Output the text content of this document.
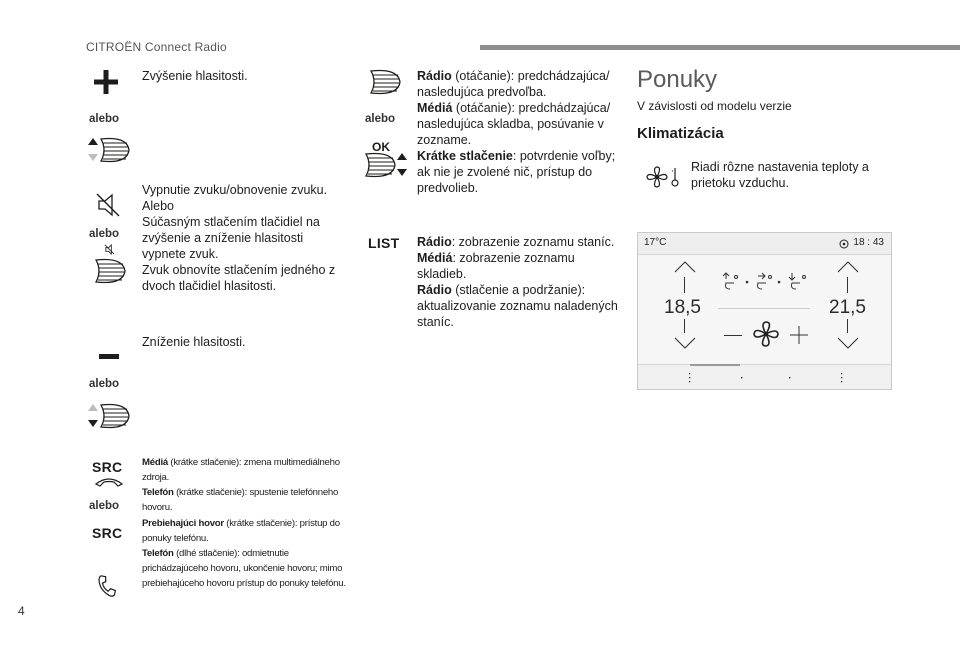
CITROËN Connect Radio
Zvýšenie hlasitosti.
alebo
Vypnutie zvuku/obnovenie zvuku.
Alebo
Súčasným stlačením tlačidiel na
zvýšenie a zníženie hlasitosti
vypnete zvuk.
Zvuk obnovíte stlačením jedného z
dvoch tlačidiel hlasitosti.
alebo
Zníženie hlasitosti.
alebo
SRC
alebo
SRC
Médiá (krátke stlačenie): zmena multimediálneho
zdroja.
Telefón (krátke stlačenie): spustenie telefónneho
hovoru.
Prebiehajúci hovor (krátke stlačenie): prístup do
ponuky telefónu.
Telefón (dlhé stlačenie): odmietnutie
prichádzajúceho hovoru, ukončenie hovoru; mimo
prebiehajúceho hovoru prístup do ponuky telefónu.
alebo
OK
Rádio (otáčanie): predchádzajúca/
nasledujúca predvoľba.
Médiá (otáčanie): predchádzajúca/
nasledujúca skladba, posúvanie v
zozname.
Krátke stlačenie: potvrdenie voľby;
ak nie je zvolené nič, prístup do
predvolieb.
LIST Rádio: zobrazenie zoznamu staníc.
Médiá: zobrazenie zoznamu
skladieb.
Rádio (stlačenie a podržanie):
aktualizovanie zoznamu naladených
staníc.
Ponuky
V závislosti od modelu verzie
Klimatizácia
Riadi rôzne nastavenia teploty a
prietoku vzduchu.
17°C	18 : 43
18,5	21,5
4
